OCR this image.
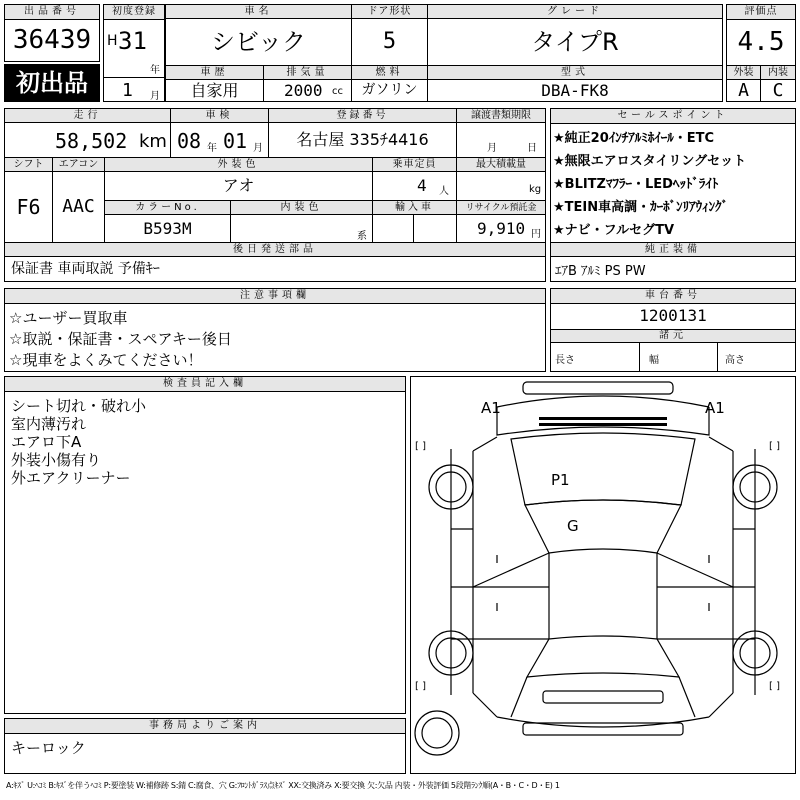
出品番号
36439
初出品
初度登録
H 31
年
1 月
車名	ドア形状	グレード
シビック	5	タイプR
車歴	排気量	燃料	型式
自家用	2000 cc	ガソリン	DBA-FK8
評価点
4.5
外装	内装
A	C
走行	車検	登録番号	譲渡書類期限
58,502 km 08 年 01 月	名古屋 335ﾁ4416	月	日
シフト	エアコン	外装色	乗車定員	最大積載量
F6	AAC
アオ	4 人	kg
カラーNo.	内装色	輸入車	リサイクル預託金
B593M	系	9,910 円
後日発送部品
保証書 車両取説 予備ｷｰ
セールスポイント
★純正20ｲﾝﾁｱﾙﾐﾎｲｰﾙ・ETC
★無限エアロスタイリングセット
★BLITZﾏﾌﾗｰ・LEDﾍｯﾄﾞﾗｲﾄ
★TEIN車高調・ｶｰﾎﾞﾝﾘｱｳｨﾝｸﾞ
★ナビ・フルセグTV
純正装備
ｴｱB ｱﾙﾐ PS PW
注意事項欄
☆ユーザー買取車
☆取説・保証書・スペアキー後日
☆現車をよくみてください！
車台番号
1200131
諸元
長さ	幅	高さ
検査員記入欄
シート切れ・破れ小
室内薄汚れ
エアロ下A
外装小傷有り
外エアクリーナー
事務局よりご案内
キーロック
A1	A1
P1
G
[ ]	[ ]
[ ]	[ ]
A:ｷｽﾞ U:ﾍｺﾐ B:ｷｽﾞを伴うﾍｺﾐ P:要塗装 W:補修跡 S:錆 C:腐食、穴 G:ﾌﾛﾝﾄｶﾞﾗｽ点ｷｽﾞ XX:交換済み X:要交換 欠:欠品 内装・外装評価 5段階ﾗﾝｸ順(A・B・C・D・E) 1
